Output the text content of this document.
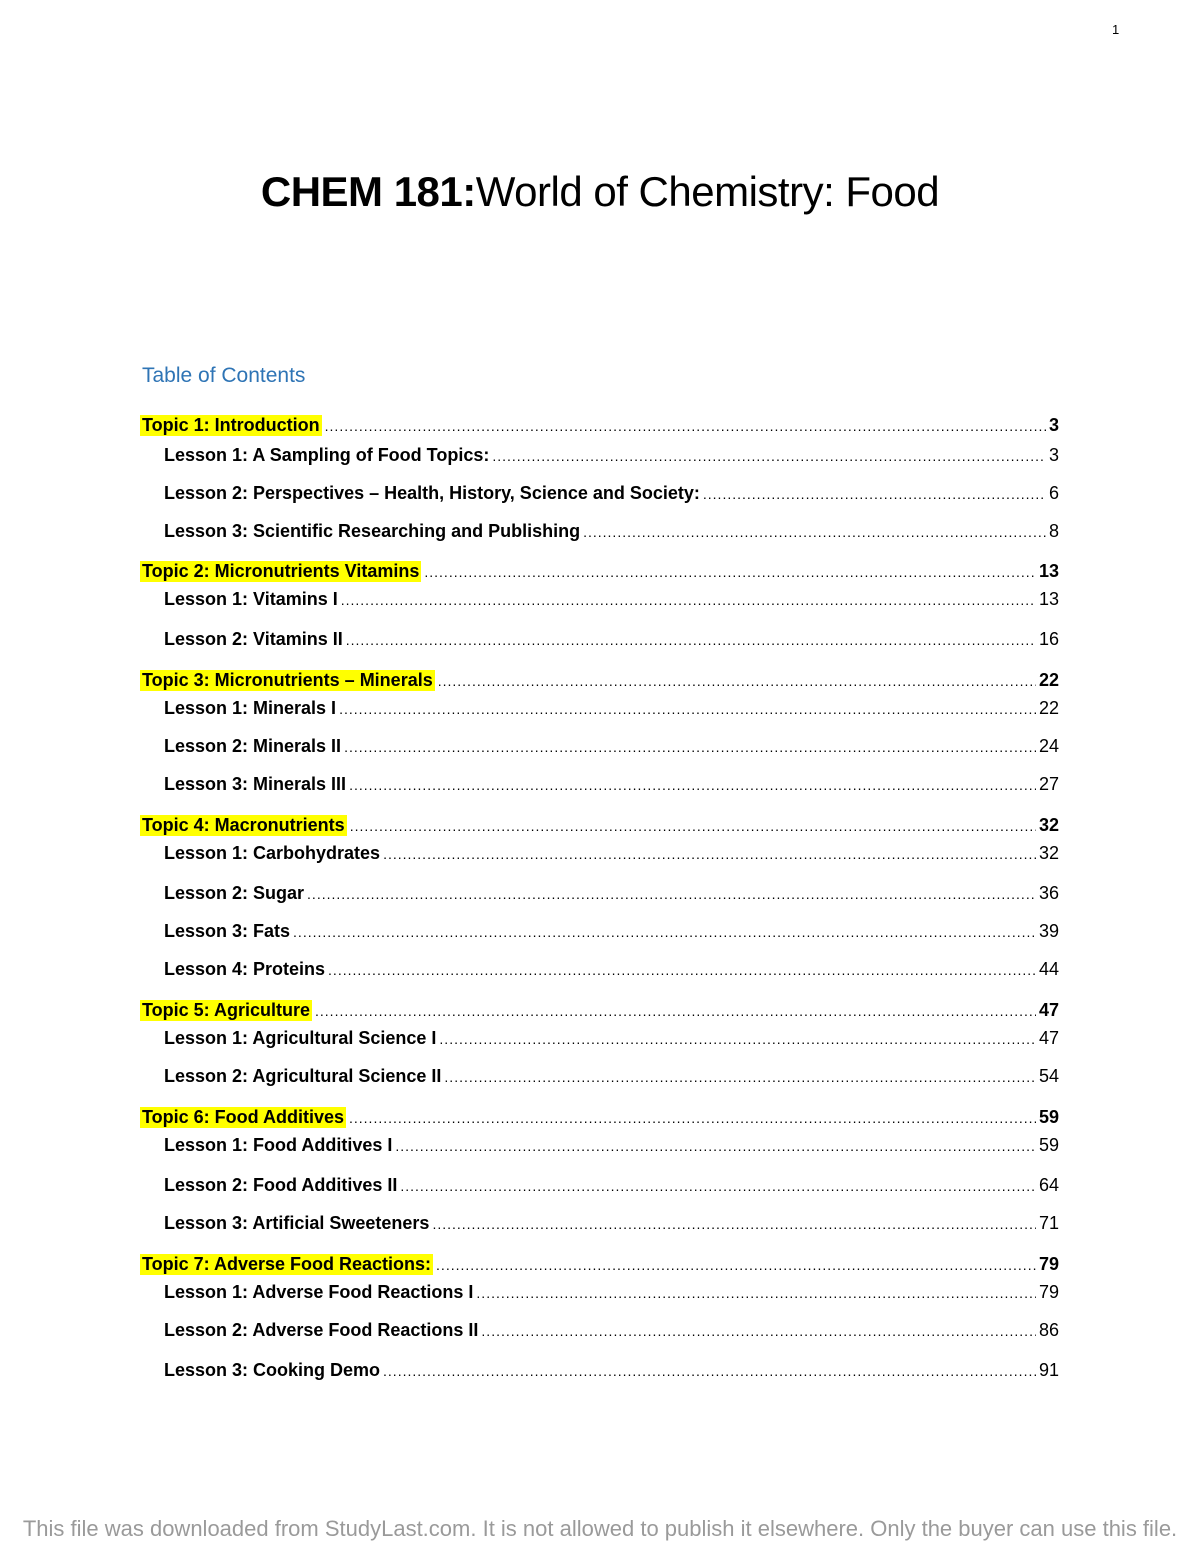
1
CHEM 181:World of Chemistry: Food
Table of Contents
Topic 1: Introduction .....	3
Lesson 1: A Sampling of Food Topics: .....	3
Lesson 2: Perspectives – Health, History, Science and Society: .....	6
Lesson 3: Scientific Researching and Publishing .....	8
Topic 2: Micronutrients Vitamins .....	13
Lesson 1: Vitamins I .....	13
Lesson 2: Vitamins II .....	16
Topic 3: Micronutrients – Minerals .....	22
Lesson 1: Minerals I .....	22
Lesson 2: Minerals II .....	24
Lesson 3: Minerals III .....	27
Topic 4: Macronutrients .....	32
Lesson 1: Carbohydrates .....	32
Lesson 2: Sugar .....	36
Lesson 3: Fats .....	39
Lesson 4: Proteins .....	44
Topic 5: Agriculture .....	47
Lesson 1: Agricultural Science I .....	47
Lesson 2: Agricultural Science II .....	54
Topic 6: Food Additives .....	59
Lesson 1: Food Additives I .....	59
Lesson 2: Food Additives II .....	64
Lesson 3: Artificial Sweeteners .....	71
Topic 7: Adverse Food Reactions: .....	79
Lesson 1: Adverse Food Reactions I .....	79
Lesson 2: Adverse Food Reactions II .....	86
Lesson 3: Cooking Demo .....	91
This file was downloaded from StudyLast.com. It is not allowed to publish it elsewhere. Only the buyer can use this file.
